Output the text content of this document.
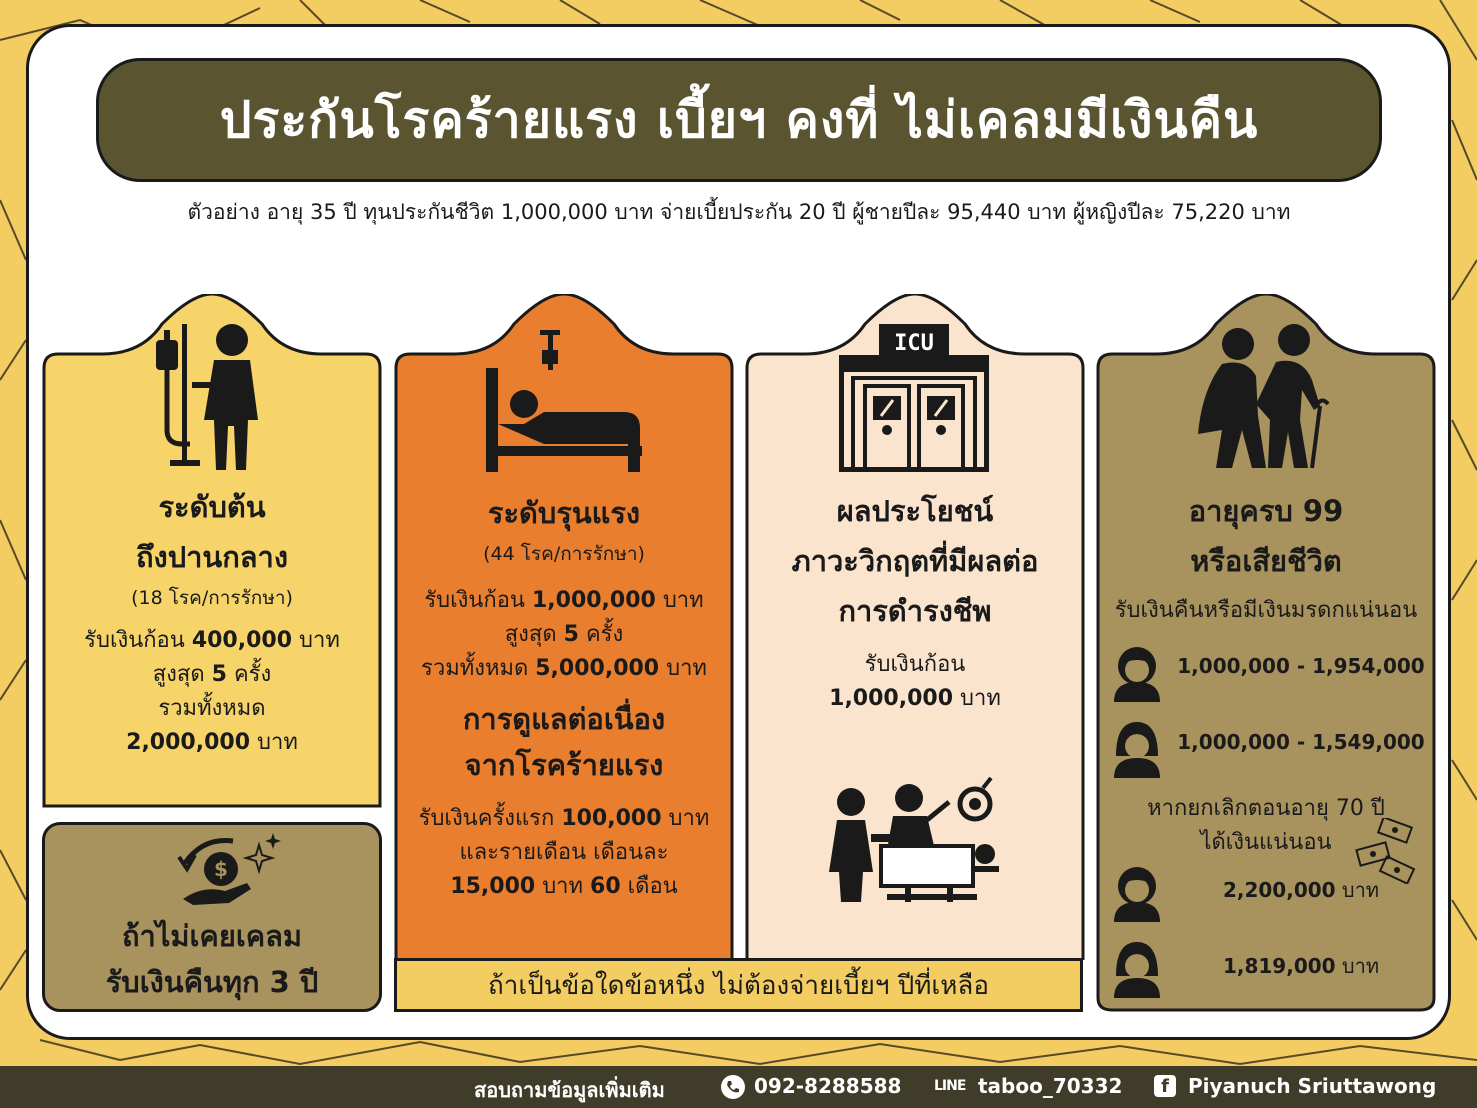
ประกันโรคร้ายแรง เบี้ยฯ คงที่ ไม่เคลมมีเงินคืน
ตัวอย่าง อายุ 35 ปี ทุนประกันชีวิต 1,000,000 บาท จ่ายเบี้ยประกัน 20 ปี ผู้ชายปีละ 95,440 บาท ผู้หญิงปีละ 75,220 บาท
ระดับต้น
ถึงปานกลาง
(18 โรค/การรักษา)
รับเงินก้อน 400,000 บาท
สูงสุด 5 ครั้ง
รวมทั้งหมด
2,000,000 บาท
$
ถ้าไม่เคยเคลม
รับเงินคืนทุก 3 ปี
ระดับรุนแรง
(44 โรค/การรักษา)
รับเงินก้อน 1,000,000 บาท
สูงสุด 5 ครั้ง
รวมทั้งหมด 5,000,000 บาท
การดูแลต่อเนื่อง
จากโรคร้ายแรง
รับเงินครั้งแรก 100,000 บาท
และรายเดือน เดือนละ
15,000 บาท 60 เดือน
ICU
ผลประโยชน์
ภาวะวิกฤตที่มีผลต่อ
การดำรงชีพ
รับเงินก้อน
1,000,000 บาท
อายุครบ 99
หรือเสียชีวิต
รับเงินคืนหรือมีเงินมรดกแน่นอน
1,000,000 - 1,954,000
1,000,000 - 1,549,000
หากยกเลิกตอนอายุ 70 ปี
ได้เงินแน่นอน
2,200,000 บาท
1,819,000 บาท
ถ้าเป็นข้อใดข้อหนึ่ง ไม่ต้องจ่ายเบี้ยฯ ปีที่เหลือ
สอบถามข้อมูลเพิ่มเติม	092-8288588 LINE taboo_70332	f Piyanuch Sriuttawong
